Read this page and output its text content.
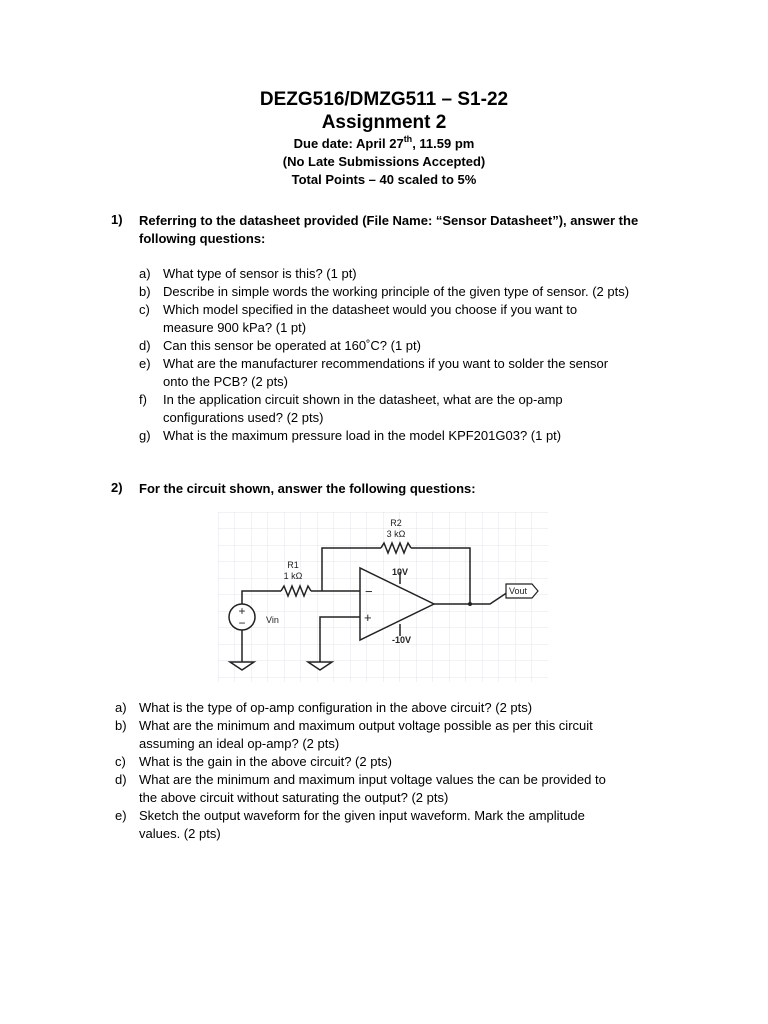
DEZG516/DMZG511 – S1-22
Assignment 2
Due date: April 27th, 11.59 pm
(No Late Submissions Accepted)
Total Points – 40 scaled to 5%
1) Referring to the datasheet provided (File Name: “Sensor Datasheet”), answer the following questions:
a) What type of sensor is this? (1 pt)
b) Describe in simple words the working principle of the given type of sensor. (2 pts)
c) Which model specified in the datasheet would you choose if you want to
measure 900 kPa? (1 pt)
d) Can this sensor be operated at 160˚C? (1 pt)
e) What are the manufacturer recommendations if you want to solder the sensor
onto the PCB? (2 pts)
f) In the application circuit shown in the datasheet, what are the op-amp
configurations used? (2 pts)
g) What is the maximum pressure load in the model KPF201G03? (1 pt)
2) For the circuit shown, answer the following questions:
+
−
R2
3 kΩ
R1
1 kΩ	10V
-10V
−
+
Vin
Vout
a) What is the type of op-amp configuration in the above circuit? (2 pts)
b) What are the minimum and maximum output voltage possible as per this circuit
assuming an ideal op-amp? (2 pts)
c) What is the gain in the above circuit? (2 pts)
d) What are the minimum and maximum input voltage values the can be provided to
the above circuit without saturating the output? (2 pts)
e) Sketch the output waveform for the given input waveform. Mark the amplitude
values. (2 pts)
